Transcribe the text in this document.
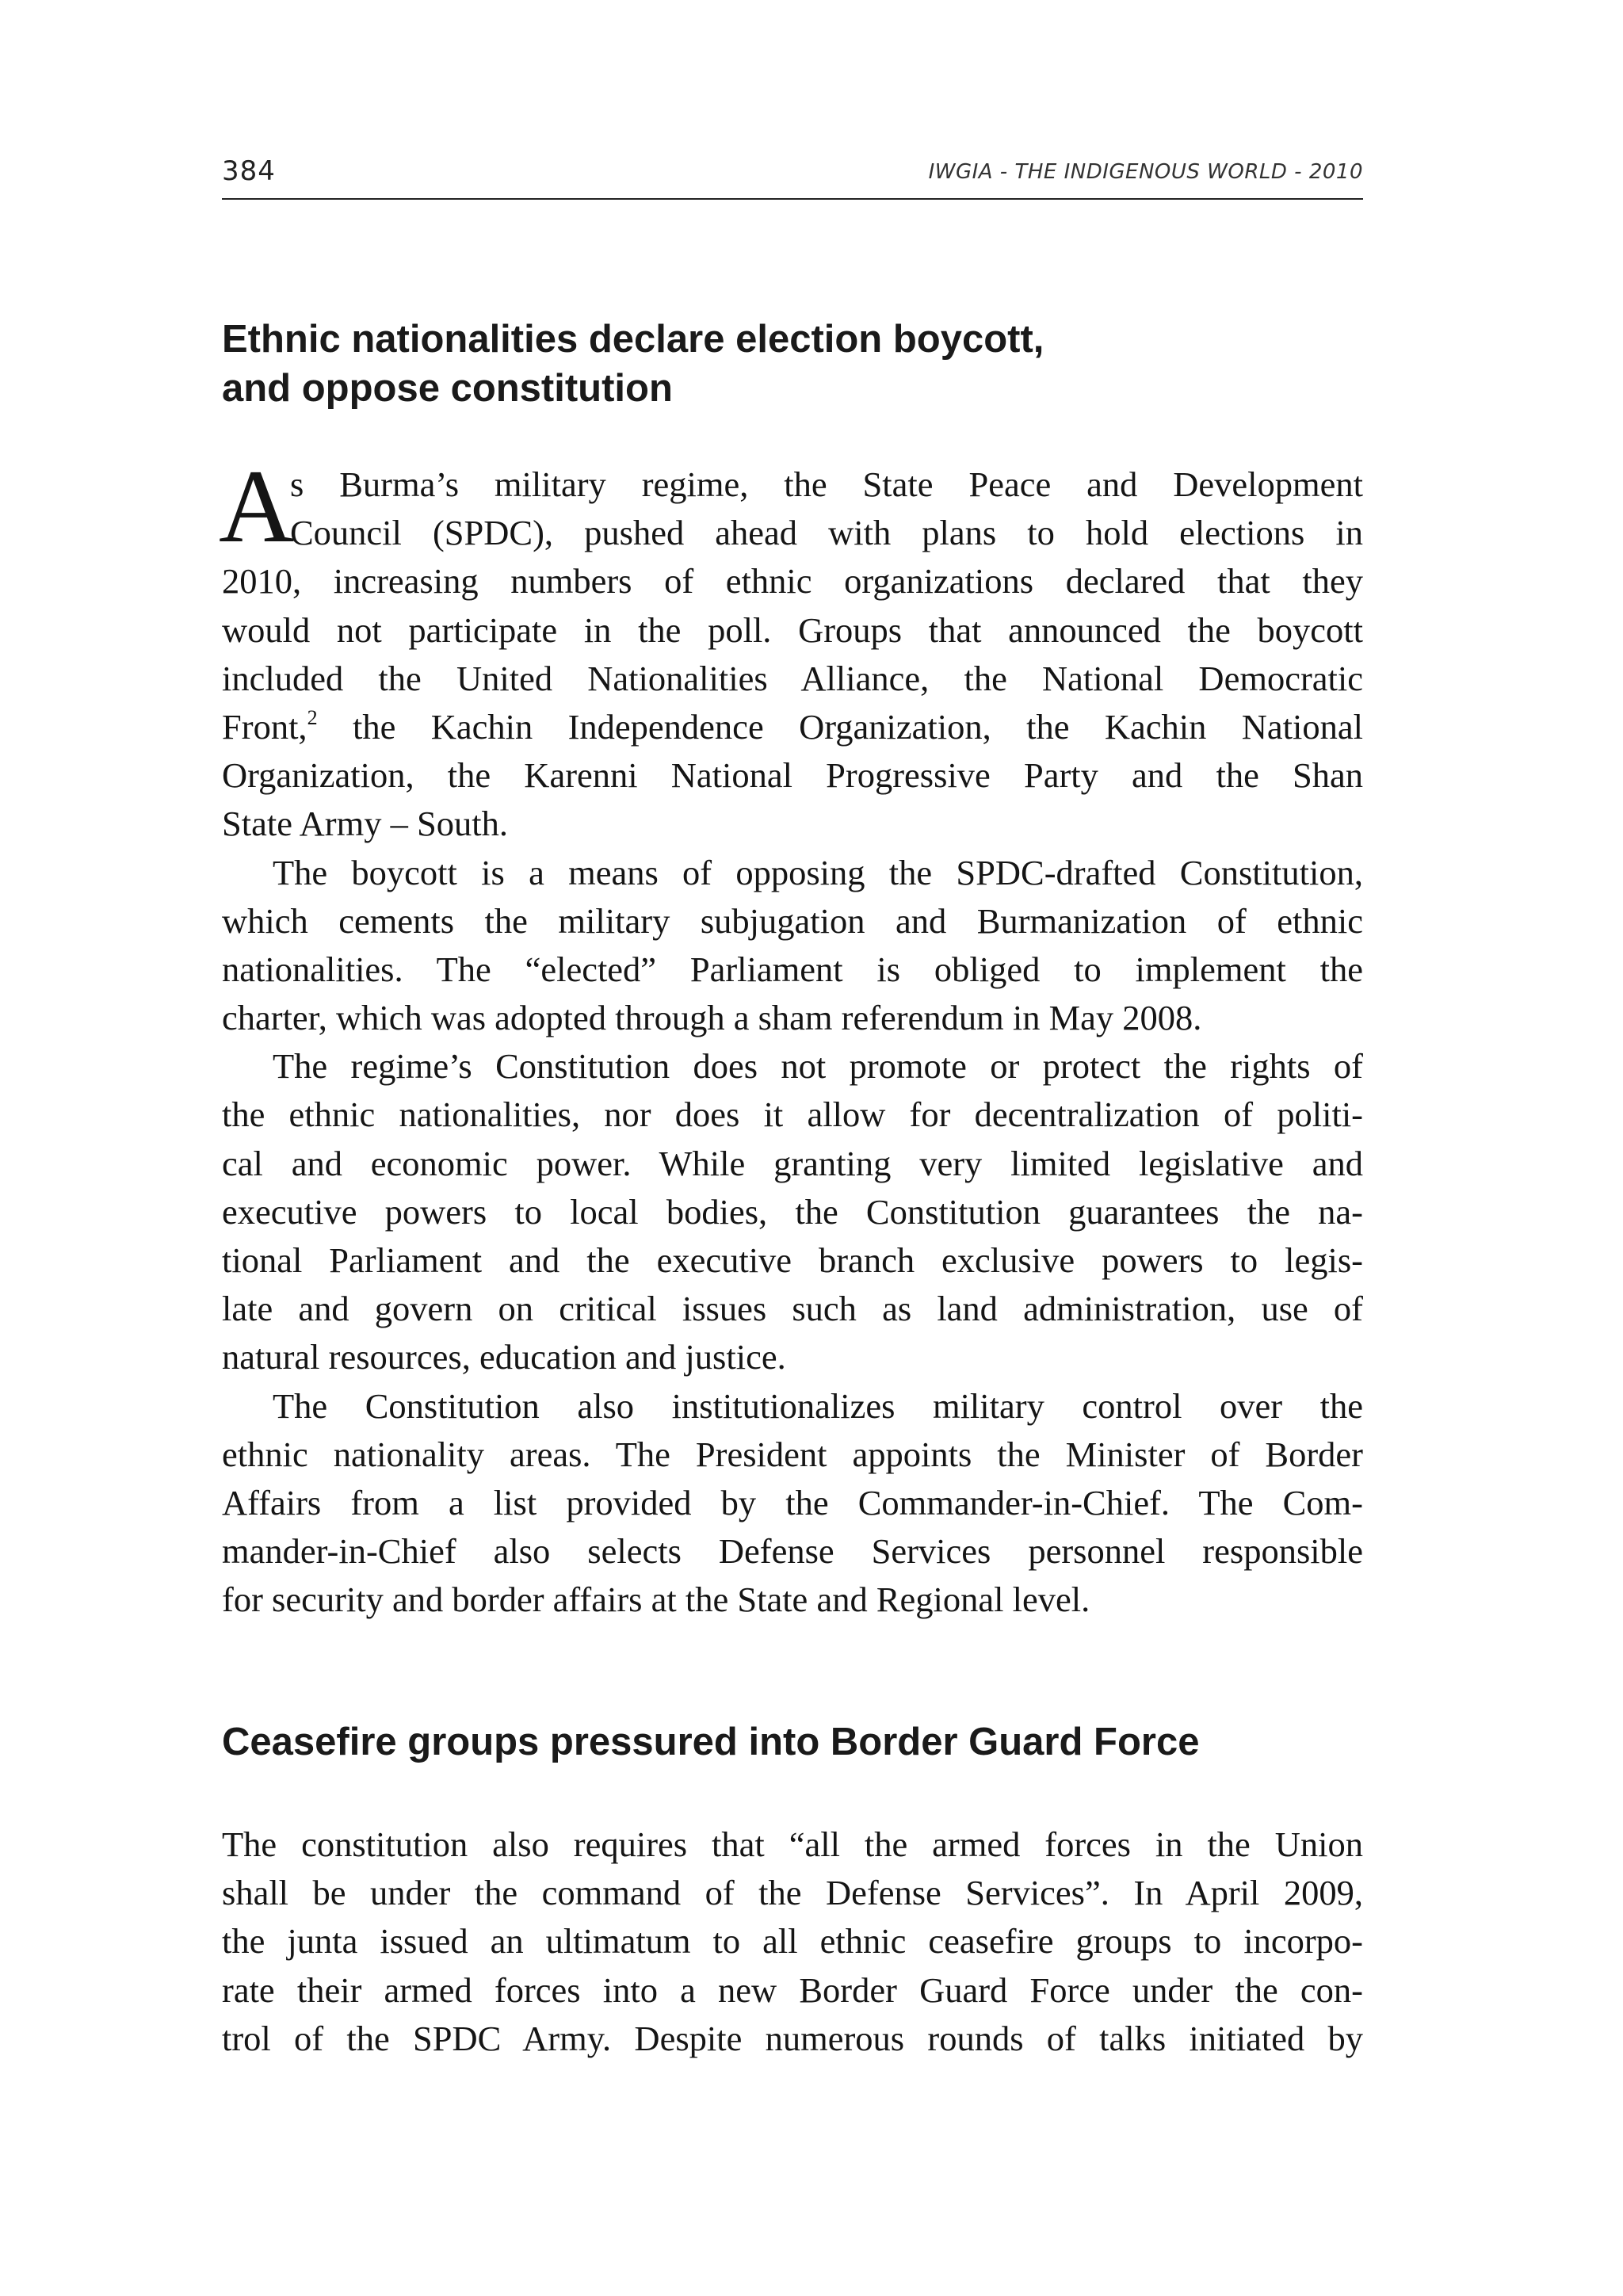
384	IWGIA - THE INDIGENOUS WORLD - 2010
Ethnic nationalities declare election boycott,
and oppose constitution

A
s Burma’s military regime, the State Peace and Development
Council (SPDC), pushed ahead with plans to hold elections in
2010, increasing numbers of ethnic organizations declared that they
would not participate in the poll. Groups that announced the boycott
included the United Nationalities Alliance, the National Democratic
Front,$^2$ the Kachin Independence Organization, the Kachin National
Organization, the Karenni National Progressive Party and the Shan
State Army – South.

The boycott is a means of opposing the SPDC-drafted Constitution,
which cements the military subjugation and Burmanization of ethnic
nationalities. The “elected” Parliament is obliged to implement the
charter, which was adopted through a sham referendum in May 2008.

The regime’s Constitution does not promote or protect the rights of
the ethnic nationalities, nor does it allow for decentralization of politi-
cal and economic power. While granting very limited legislative and
executive powers to local bodies, the Constitution guarantees the na-
tional Parliament and the executive branch exclusive powers to legis-
late and govern on critical issues such as land administration, use of
natural resources, education and justice.

The Constitution also institutionalizes military control over the
ethnic nationality areas. The President appoints the Minister of Border
Affairs from a list provided by the Commander-in-Chief. The Com-
mander-in-Chief also selects Defense Services personnel responsible
for security and border affairs at the State and Regional level.

Ceasefire groups pressured into Border Guard Force

The constitution also requires that “all the armed forces in the Union
shall be under the command of the Defense Services”. In April 2009,
the junta issued an ultimatum to all ethnic ceasefire groups to incorpo-
rate their armed forces into a new Border Guard Force under the con-
trol of the SPDC Army. Despite numerous rounds of talks initiated by
